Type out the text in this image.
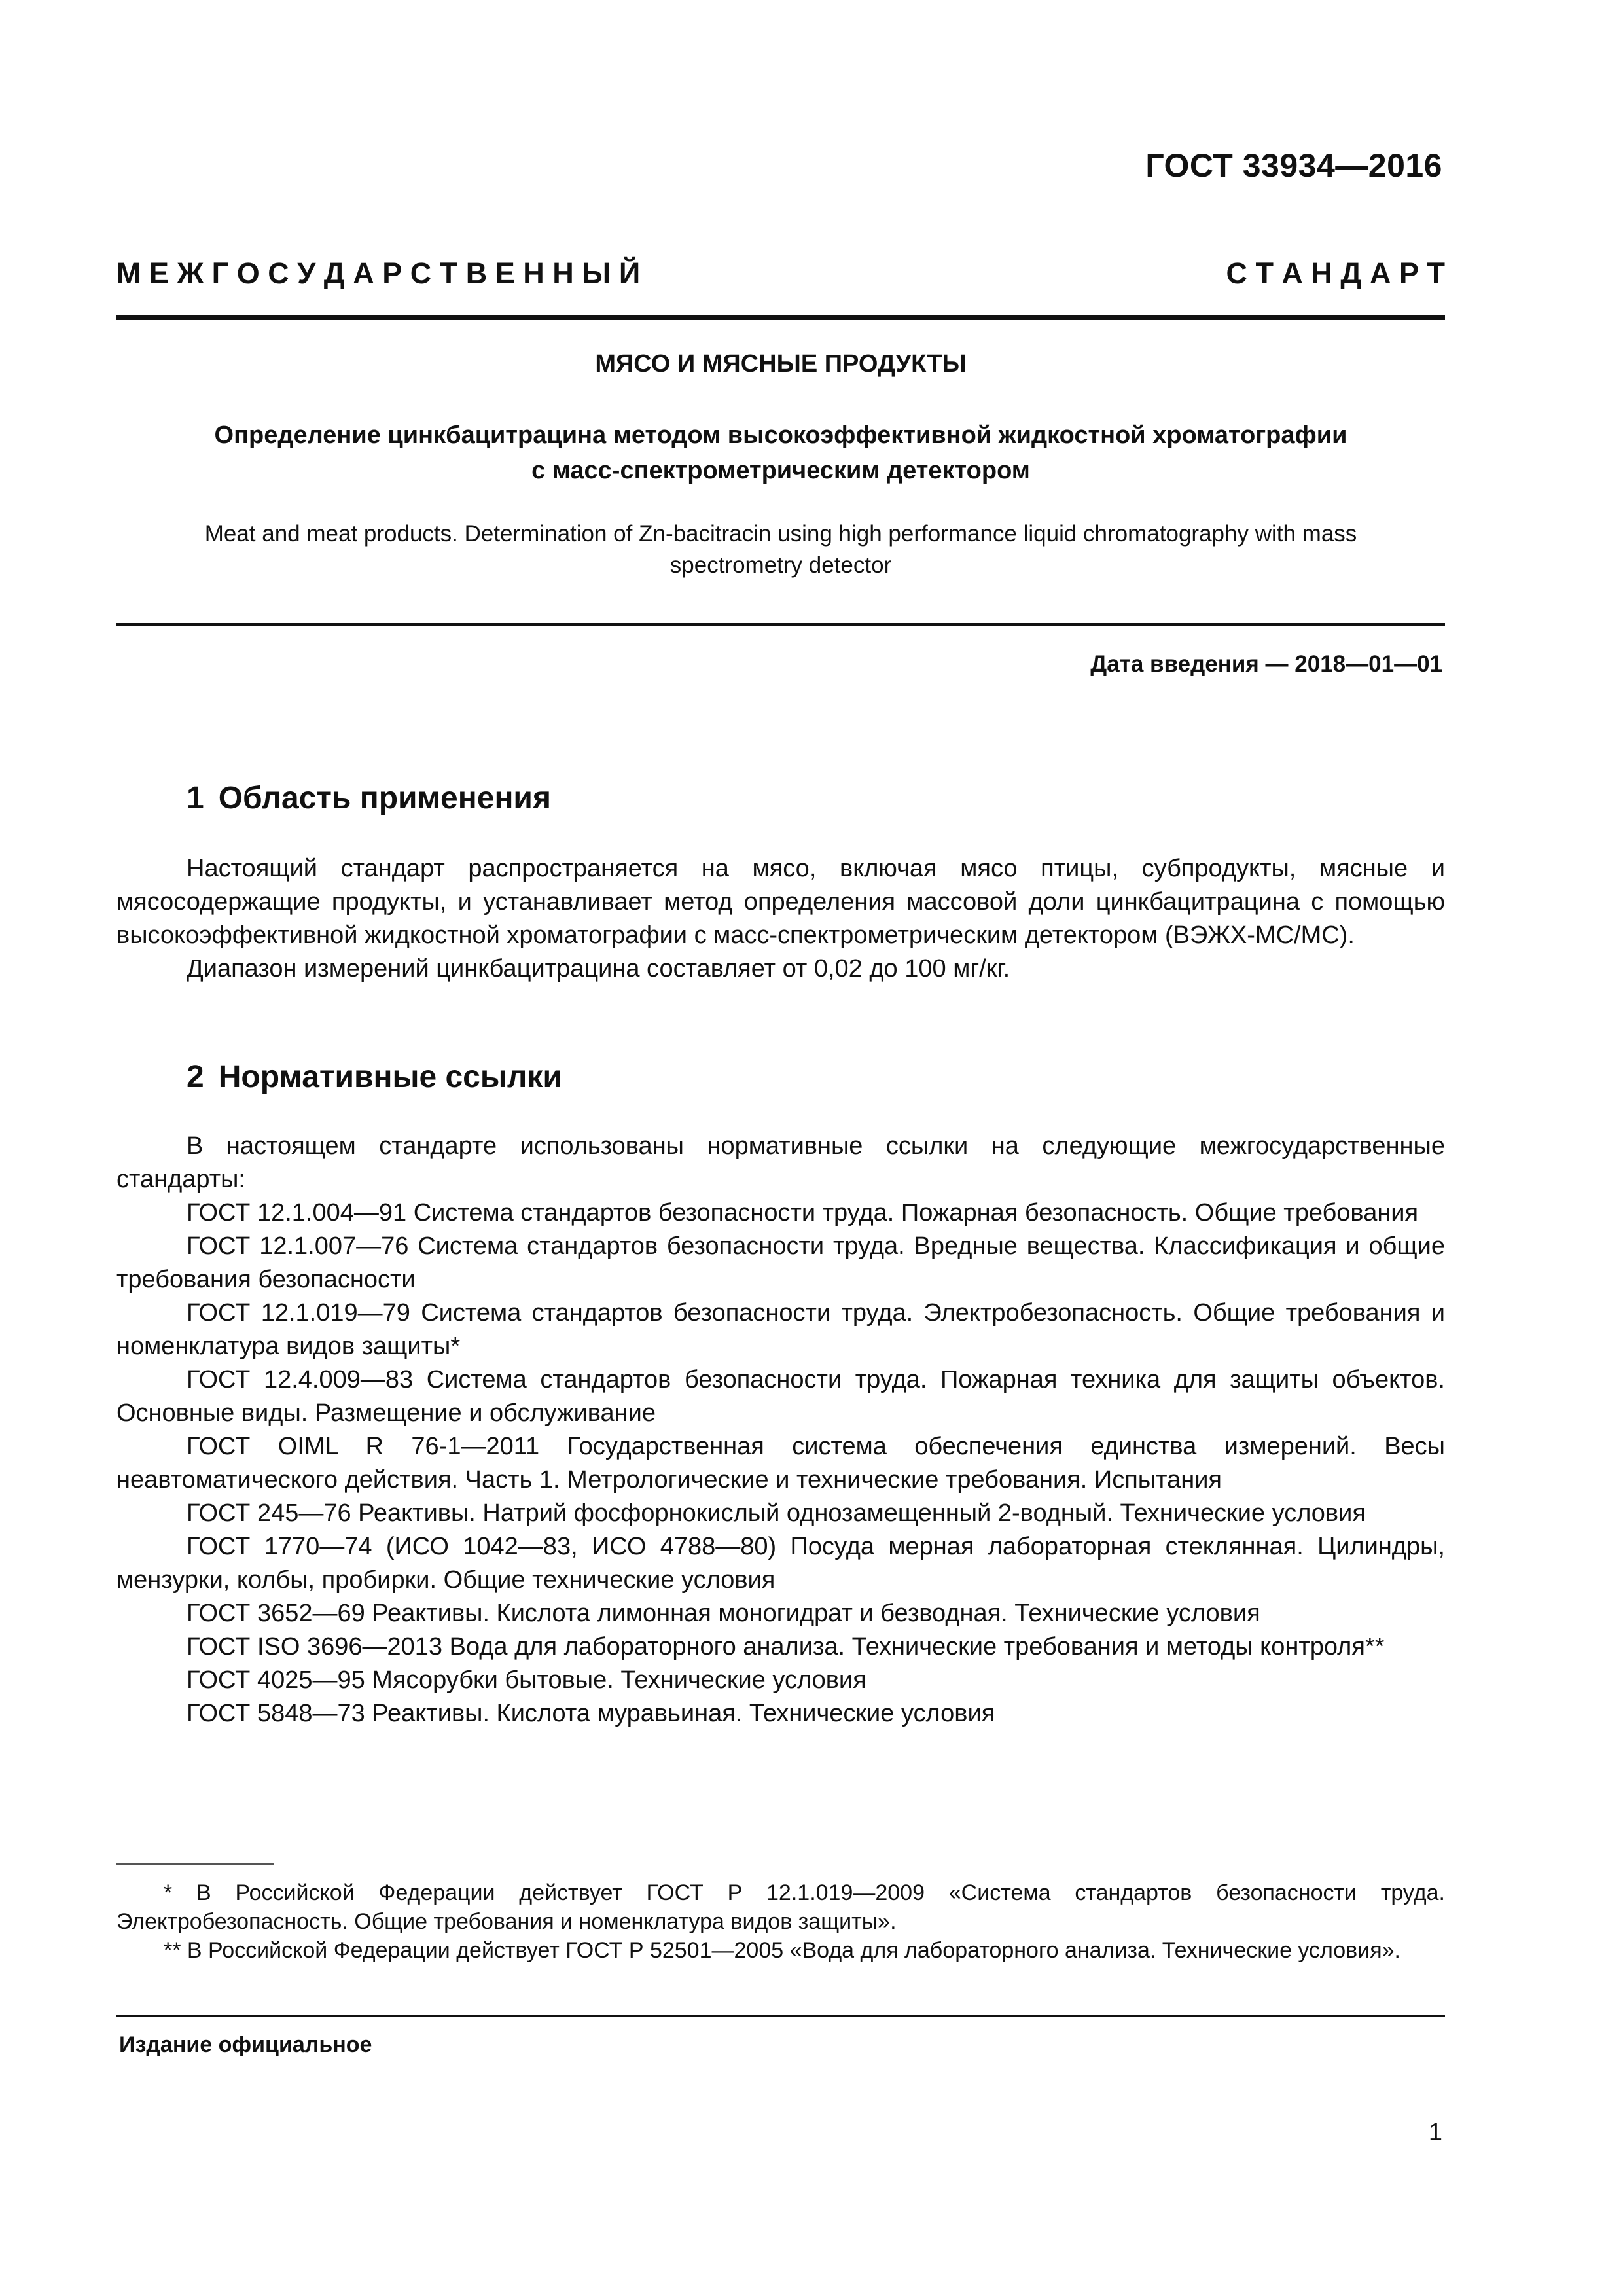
ГОСТ 33934—2016
М Е Ж Г О С У Д А Р С Т В Е Н Н Ы Й	С Т А Н Д А Р Т
МЯСО И МЯСНЫЕ ПРОДУКТЫ
Определение цинкбацитрацина методом высокоэффективной жидкостной хроматографии
с масс-спектрометрическим детектором
Meat and meat products. Determination of Zn-bacitracin using high performance liquid chromatography with mass
spectrometry detector
Дата введения — 2018—01—01
1 Область применения

Настоящий стандарт распространяется на мясо, включая мясо птицы, субпродукты, мясные и мясосодержащие продукты, и устанавливает метод определения массовой доли цинкбацитрацина с помощью высокоэффективной жидкостной хроматографии с масс-спектрометрическим детектором (ВЭЖХ-МС/МС).

Диапазон измерений цинкбацитрацина составляет от 0,02 до 100 мг/кг.

2 Нормативные ссылки

В настоящем стандарте использованы нормативные ссылки на следующие межгосударственные стандарты:

ГОСТ 12.1.004—91 Система стандартов безопасности труда. Пожарная безопасность. Общие требования

ГОСТ 12.1.007—76 Система стандартов безопасности труда. Вредные вещества. Классификация и общие требования безопасности

ГОСТ 12.1.019—79 Система стандартов безопасности труда. Электробезопасность. Общие требования и номенклатура видов защиты*

ГОСТ 12.4.009—83 Система стандартов безопасности труда. Пожарная техника для защиты объектов. Основные виды. Размещение и обслуживание

ГОСТ OIML R 76-1—2011 Государственная система обеспечения единства измерений. Весы неавтоматического действия. Часть 1. Метрологические и технические требования. Испытания

ГОСТ 245—76 Реактивы. Натрий фосфорнокислый однозамещенный 2-водный. Технические условия

ГОСТ 1770—74 (ИСО 1042—83, ИСО 4788—80) Посуда мерная лабораторная стеклянная. Цилиндры, мензурки, колбы, пробирки. Общие технические условия

ГОСТ 3652—69 Реактивы. Кислота лимонная моногидрат и безводная. Технические условия

ГОСТ ISO 3696—2013 Вода для лабораторного анализа. Технические требования и методы контроля**

ГОСТ 4025—95 Мясорубки бытовые. Технические условия

ГОСТ 5848—73 Реактивы. Кислота муравьиная. Технические условия

* В Российской Федерации действует ГОСТ Р 12.1.019—2009 «Система стандартов безопасности труда. Электробезопасность. Общие требования и номенклатура видов защиты».

** В Российской Федерации действует ГОСТ Р 52501—2005 «Вода для лабораторного анализа. Технические условия».

Издание официальное
1
